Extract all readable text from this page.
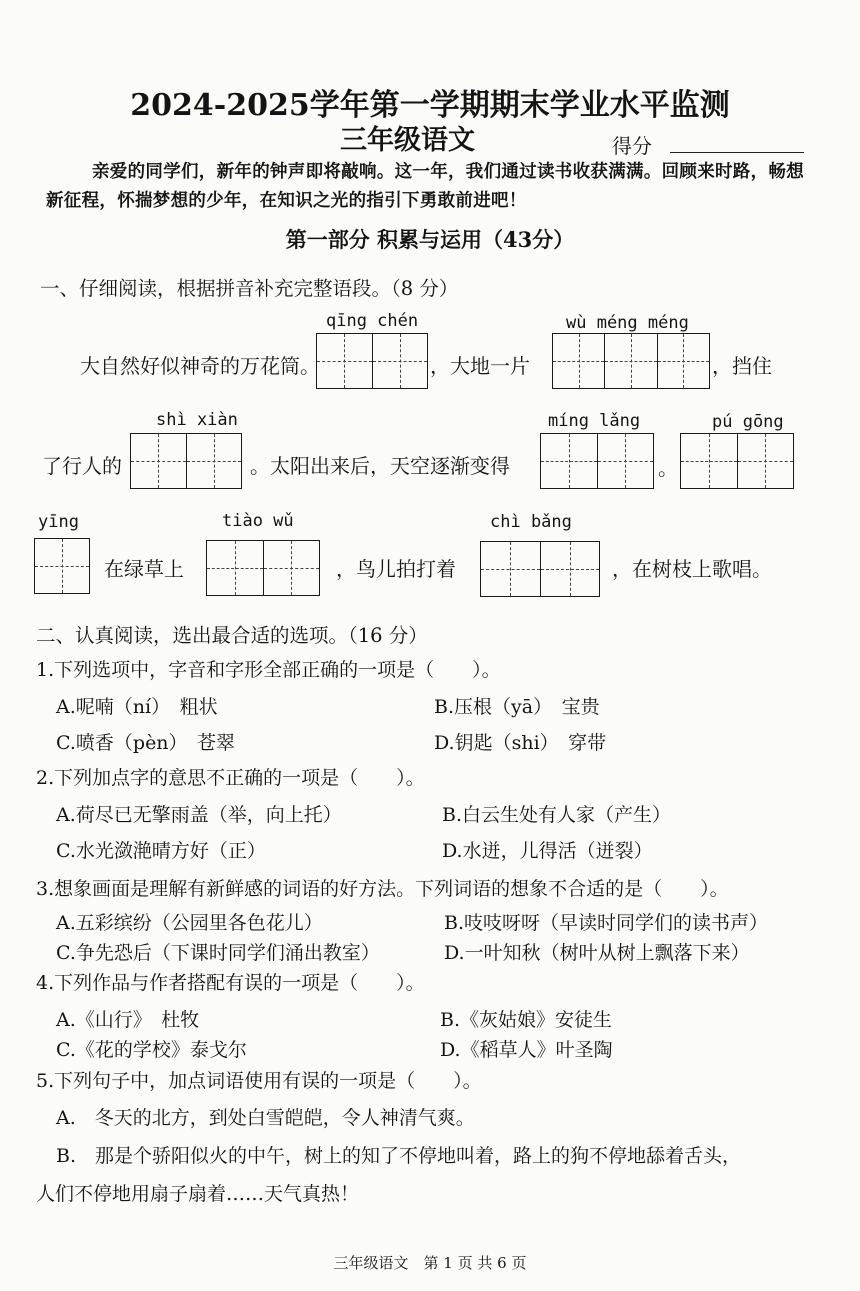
2024-2025学年第一学期期末学业水平监测
三年级语文	得分
亲爱的同学们，新年的钟声即将敲响。这一年，我们通过读书收获满满。回顾来时路，畅想新征程，怀揣梦想的少年，在知识之光的指引下勇敢前进吧！
第一部分 积累与运用（43分）
一、仔细阅读，根据拼音补充完整语段。（8 分）
qīng chén	wù méng méng
大自然好似神奇的万花筒。	，大地一片	，挡住
shì xiàn	míng lǎng	pú gōng
了行人的	。太阳出来后，天空逐渐变得	。
yīng	tiào wǔ	chì bǎng
在绿草上	，鸟儿拍打着	，在树枝上歌唱。
二、认真阅读，选出最合适的选项。（16 分）
1.下列选项中，字音和字形全部正确的一项是（　　）。
A.呢喃（ní）　粗状	B.压根（yā）　宝贵
C.喷香（pèn）　苍翠	D.钥匙（shi）　穿带
2.下列加点字的意思不正确的一项是（　　）。
A.荷尽已无擎雨盖（举，向上托）	B.白云生处有人家（产生）
C.水光潋滟晴方好（正）	D.水迸，儿得活（迸裂）
3.想象画面是理解有新鲜感的词语的好方法。下列词语的想象不合适的是（　　）。
A.五彩缤纷（公园里各色花儿）	B.吱吱呀呀（早读时同学们的读书声）
C.争先恐后（下课时同学们涌出教室）	D.一叶知秋（树叶从树上飘落下来）
4.下列作品与作者搭配有误的一项是（　　）。
A.《山行》　杜牧	B.《灰姑娘》安徒生
C.《花的学校》泰戈尔	D.《稻草人》叶圣陶
5.下列句子中，加点词语使用有误的一项是（　　）。
A.　冬天的北方，到处白雪皑皑，令人神清气爽。
B.　那是个骄阳似火的中午，树上的知了不停地叫着，路上的狗不停地舔着舌头，
人们不停地用扇子扇着……天气真热！
三年级语文　第 1 页 共 6 页
